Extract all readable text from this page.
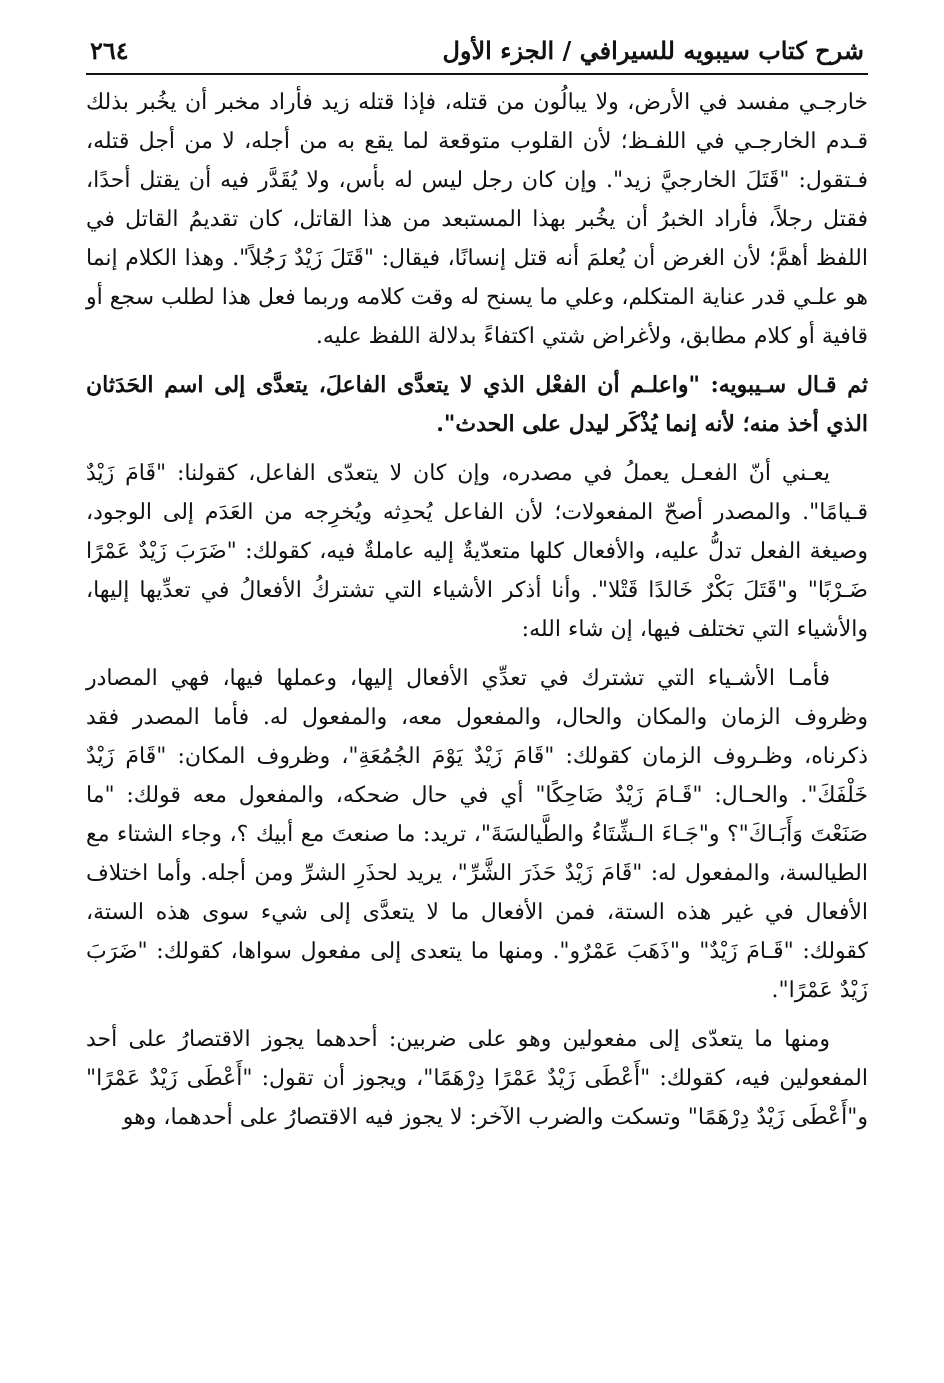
شرح كتاب سيبويه للسيرافي / الجزء الأول
٢٦٤

خارجـي مفسد في الأرض، ولا يبالُون من قتله، فإذا قتله زيد فأراد مخبر أن يخُبر بذلك قـدم الخارجـي في اللفـظ؛ لأن القلوب متوقعة لما يقع به من أجله، لا من أجل قتله، فـتقول: "قَتَلَ الخارجيَّ زيد". وإن كان رجل ليس له بأس، ولا يُقَدَّر فيه أن يقتل أحدًا، فقتل رجلاً، فأراد الخبرُ أن يخُبر بهذا المستبعد من هذا القاتل، كان تقديمُ القاتل في اللفظ أهمَّ؛ لأن الغرض أن يُعلمَ أنه قتل إنسانًا، فيقال: "قَتَلَ زَيْدٌ رَجُلاً". وهذا الكلام إنما هو علـي قدر عناية المتكلم، وعلي ما يسنح له وقت كلامه وربما فعل هذا لطلب سجع أو قافية أو كلام مطابق، ولأغراض شتي اكتفاءً بدلالة اللفظ عليه.

ثم قـال سـيبويه: "واعلـم أن الفعْل الذي لا يتعدَّى الفاعلَ، يتعدَّى إلى اسم الحَدَثان الذي أخذ منه؛ لأنه إنما يُذْكَر ليدل على الحدث".

يعـني أنّ الفعـل يعملُ في مصدره، وإن كان لا يتعدّى الفاعل، كقولنا: "قَامَ زَيْدٌ قـيامًا". والمصدر أصحّ المفعولات؛ لأن الفاعل يُحدِثه ويُخرِجه من العَدَم إلى الوجود، وصيغة الفعل تدلُّ عليه، والأفعال كلها متعدّيةٌ إليه عاملةٌ فيه، كقولك: "ضَرَبَ زَيْدٌ عَمْرًا ضَـرْبًا" و"قَتَلَ بَكْرٌ خَالدًا قَتْلا". وأنا أذكر الأشياء التي تشتركُ الأفعالُ في تعدِّيها إليها، والأشياء التي تختلف فيها، إن شاء الله:

فأمـا الأشـياء التي تشترك في تعدِّي الأفعال إليها، وعملها فيها، فهي المصادر وظروف الزمان والمكان والحال، والمفعول معه، والمفعول له. فأما المصدر فقد ذكرناه، وظـروف الزمان كقولك: "قَامَ زَيْدٌ يَوْمَ الجُمُعَةِ"، وظروف المكان: "قَامَ زَيْدٌ خَلْفَكَ". والحـال: "قَـامَ زَيْدٌ ضَاحِكًا" أي في حال ضحكه، والمفعول معه قولك: "ما صَنَعْتَ وَأَبَـاكَ"؟ و"جَـاءَ الـشِّتَاءُ والطَّيالسَةَ"، تريد: ما صنعتَ مع أبيك ؟، وجاء الشتاء مع الطيالسة، والمفعول له: "قَامَ زَيْدٌ حَذَرَ الشَّرِّ"، يريد لحذَرِ الشرِّ ومن أجله. وأما اختلاف الأفعال في غير هذه الستة، فمن الأفعال ما لا يتعدَّى إلى شيء سوى هذه الستة، كقولك: "قَـامَ زَيْدٌ" و"ذَهَبَ عَمْرٌو". ومنها ما يتعدى إلى مفعول سواها، كقولك: "ضَرَبَ زَيْدٌ عَمْرًا".

ومنها ما يتعدّى إلى مفعولين وهو على ضربين: أحدهما يجوز الاقتصارُ على أحد المفعولين فيه، كقولك: "أَعْطَى زَيْدٌ عَمْرًا دِرْهَمًا"، ويجوز أن تقول: "أَعْطَى زَيْدٌ عَمْرًا" و"أَعْطَى زَيْدٌ دِرْهَمًا" وتسكت والضرب الآخر: لا يجوز فيه الاقتصارُ على أحدهما، وهو
